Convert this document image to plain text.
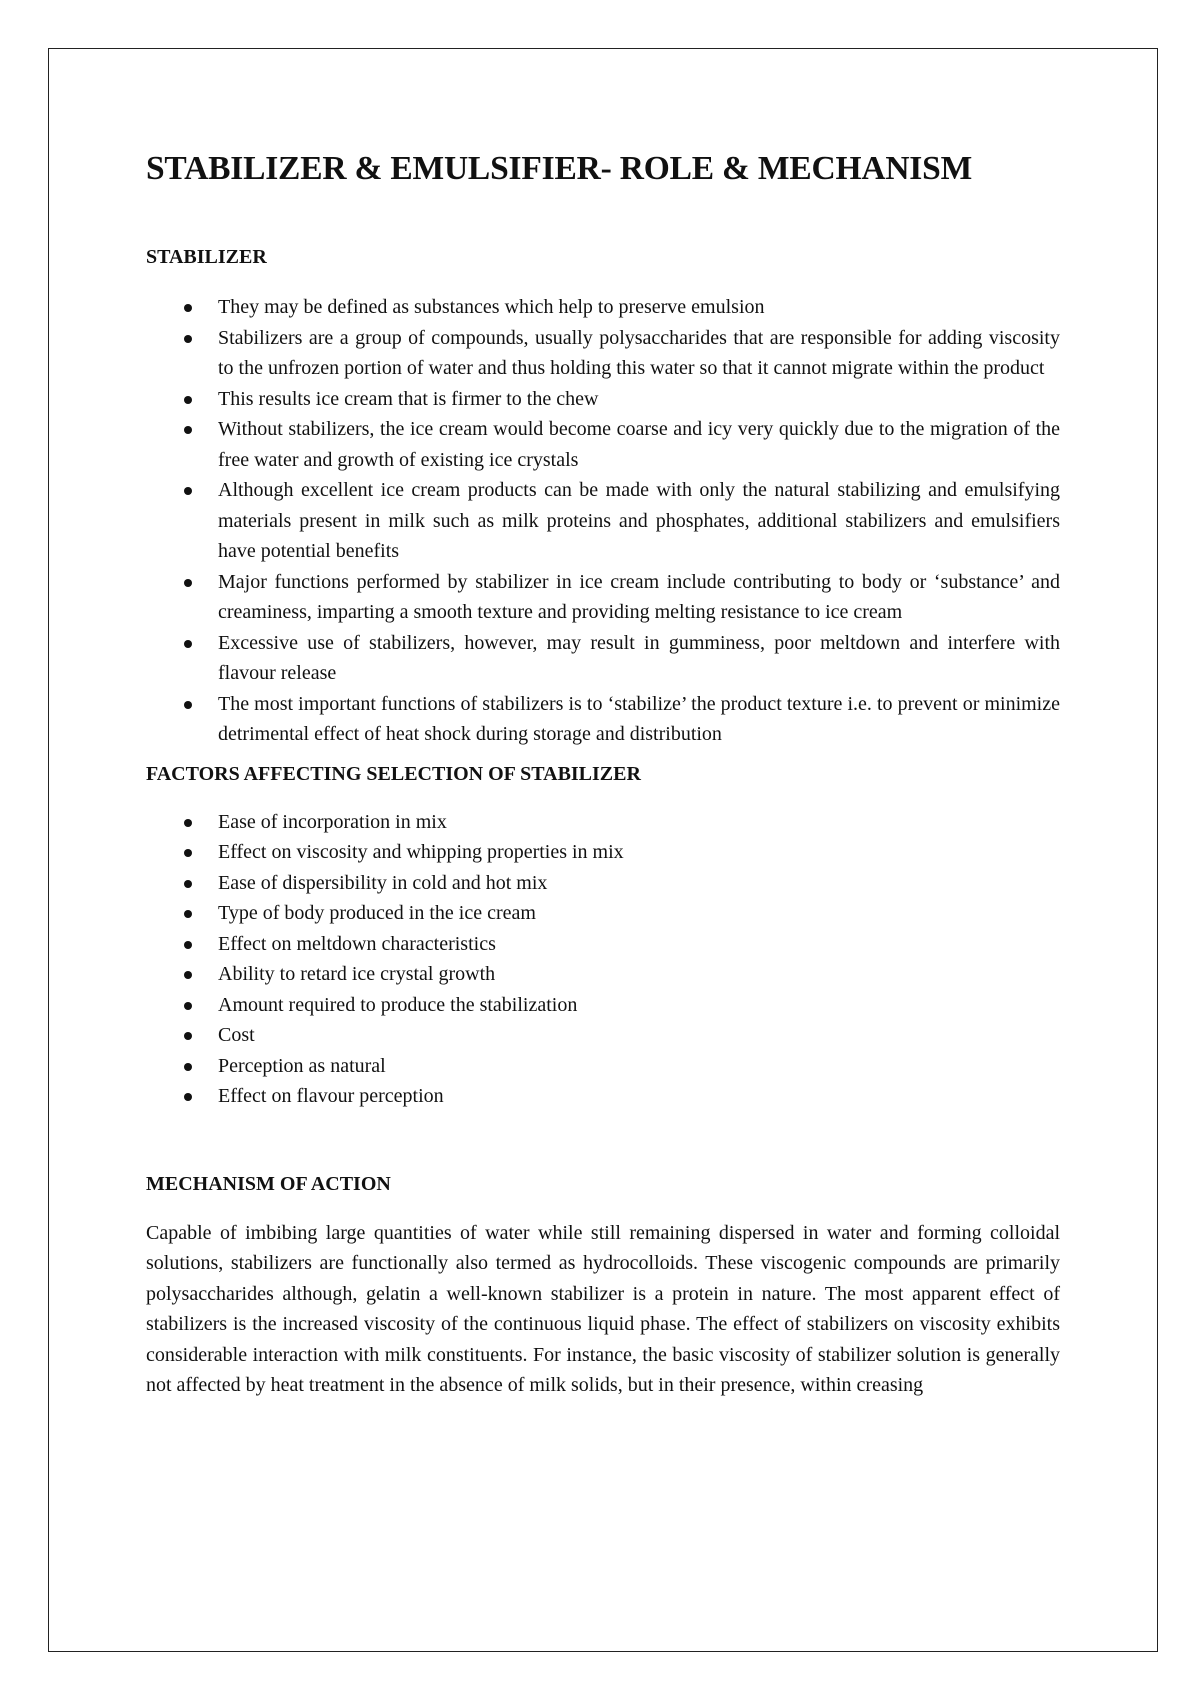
STABILIZER & EMULSIFIER- ROLE & MECHANISM
STABILIZER
They may be defined as substances which help to preserve emulsion
Stabilizers are a group of compounds, usually polysaccharides that are responsible for adding viscosity to the unfrozen portion of water and thus holding this water so that it cannot migrate within the product
This results ice cream that is firmer to the chew
Without stabilizers, the ice cream would become coarse and icy very quickly due to the migration of the free water and growth of existing ice crystals
Although excellent ice cream products can be made with only the natural stabilizing and emulsifying materials present in milk such as milk proteins and phosphates, additional stabilizers and emulsifiers have potential benefits
Major functions performed by stabilizer in ice cream include contributing to body or ‘substance’ and creaminess, imparting a smooth texture and providing melting resistance to ice cream
Excessive use of stabilizers, however, may result in gumminess, poor meltdown and interfere with flavour release
The most important functions of stabilizers is to ‘stabilize’ the product texture i.e. to prevent or minimize detrimental effect of heat shock during storage and distribution
FACTORS AFFECTING SELECTION OF STABILIZER
Ease of incorporation in mix
Effect on viscosity and whipping properties in mix
Ease of dispersibility in cold and hot mix
Type of body produced in the ice cream
Effect on meltdown characteristics
Ability to retard ice crystal growth
Amount required to produce the stabilization
Cost
Perception as natural
Effect on flavour perception
MECHANISM OF ACTION

Capable of imbibing large quantities of water while still remaining dispersed in water and forming colloidal solutions, stabilizers are functionally also termed as hydrocolloids. These viscogenic compounds are primarily polysaccharides although, gelatin a well-known stabilizer is a protein in nature. The most apparent effect of stabilizers is the increased viscosity of the continuous liquid phase. The effect of stabilizers on viscosity exhibits considerable interaction with milk constituents. For instance, the basic viscosity of stabilizer solution is generally not affected by heat treatment in the absence of milk solids, but in their presence, within creasing
